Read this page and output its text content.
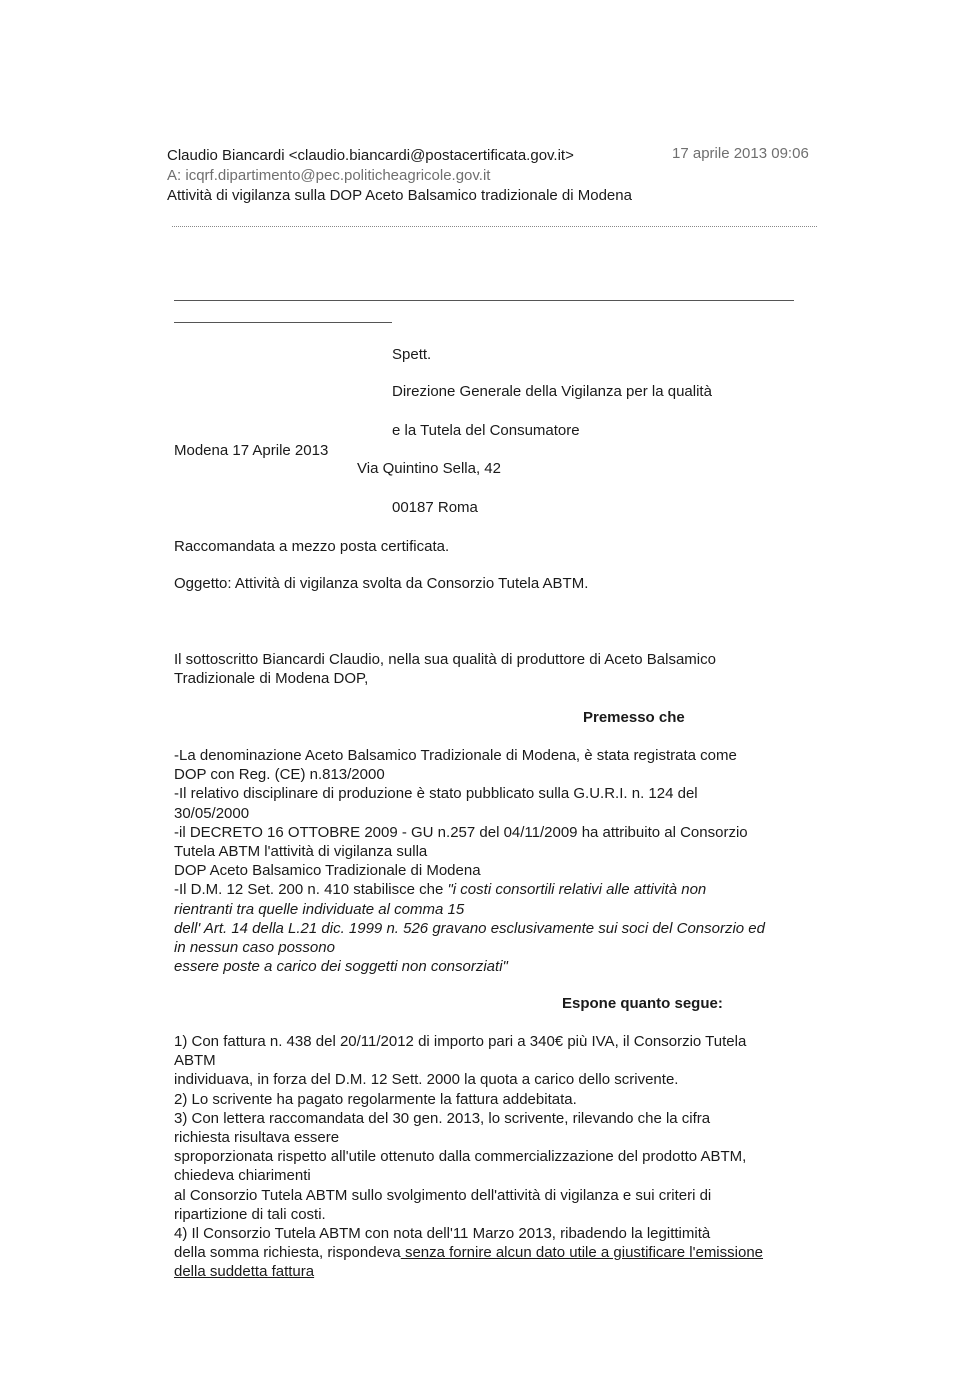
Claudio Biancardi <claudio.biancardi@postacertificata.gov.it>	17 aprile 2013 09:06
A: icqrf.dipartimento@pec.politicheagricole.gov.it
Attività di vigilanza sulla DOP Aceto Balsamico tradizionale di Modena
Spett.
Direzione Generale della Vigilanza per la qualità
e la Tutela del Consumatore
Modena 17 Aprile 2013
Via Quintino Sella, 42
00187 Roma
Raccomandata a mezzo posta certificata.
Oggetto: Attività di vigilanza svolta da Consorzio Tutela ABTM.
Il sottoscritto Biancardi Claudio, nella sua qualità di produttore di Aceto Balsamico
Tradizionale di Modena DOP,
Premesso che
-La denominazione Aceto Balsamico Tradizionale di Modena, è stata registrata come
DOP con Reg. (CE) n.813/2000
-Il relativo disciplinare di produzione è stato pubblicato sulla G.U.R.I. n. 124 del
30/05/2000
-il DECRETO 16 OTTOBRE 2009 - GU n.257 del 04/11/2009 ha attribuito al Consorzio
Tutela ABTM l'attività di vigilanza sulla
DOP Aceto Balsamico Tradizionale di Modena
-Il D.M. 12 Set. 200 n. 410 stabilisce che "i costi consortili relativi alle attività non
rientranti tra quelle individuate al comma 15
dell' Art. 14 della L.21 dic. 1999 n. 526 gravano esclusivamente sui soci del Consorzio ed
in nessun caso possono
essere poste a carico dei soggetti non consorziati"
Espone quanto segue:
1) Con fattura n. 438 del 20/11/2012 di importo pari a 340€ più IVA, il Consorzio Tutela
ABTM
individuava, in forza del D.M. 12 Sett. 2000 la quota a carico dello scrivente.
2) Lo scrivente ha pagato regolarmente la fattura addebitata.
3) Con lettera raccomandata del 30 gen. 2013, lo scrivente, rilevando che la cifra
richiesta risultava essere
sproporzionata rispetto all'utile ottenuto dalla commercializzazione del prodotto ABTM,
chiedeva chiarimenti
al Consorzio Tutela ABTM sullo svolgimento dell'attività di vigilanza e sui criteri di
ripartizione di tali costi.
4) Il Consorzio Tutela ABTM con nota dell'11 Marzo 2013, ribadendo la legittimità
della somma richiesta, rispondeva senza fornire alcun dato utile a giustificare l'emissione
della suddetta fattura
